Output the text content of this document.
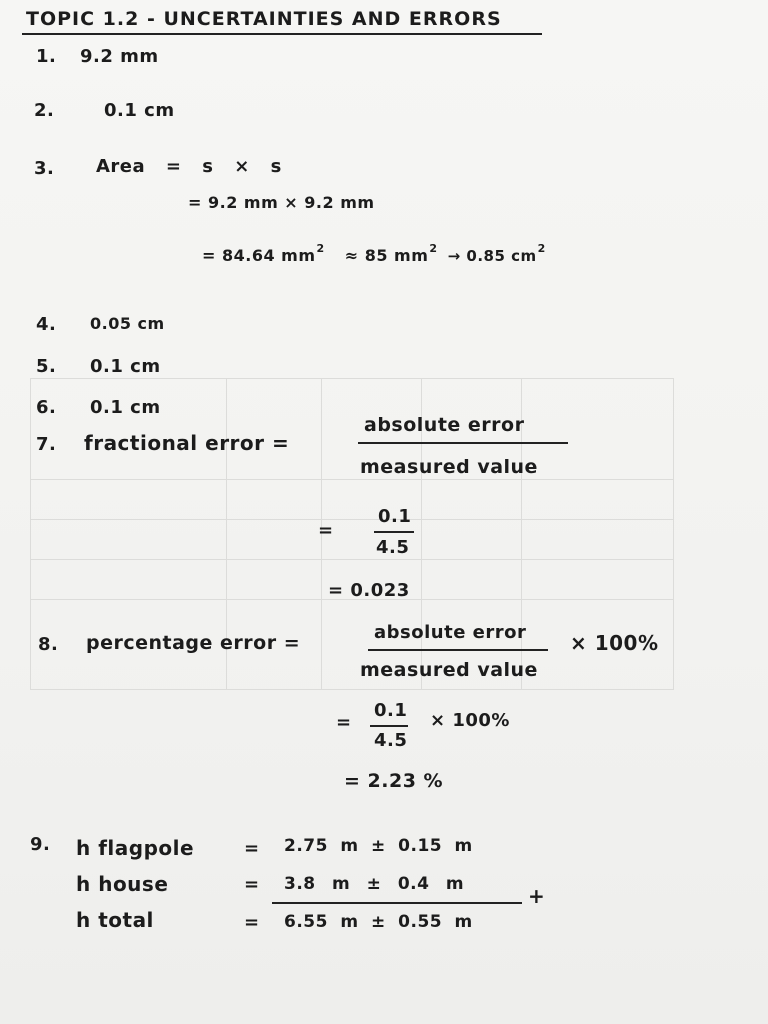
TOPIC 1.2 - UNCERTAINTIES AND ERRORS
1. 9.2 mm
2.	0.1 cm
3. Area = s × s
= 9.2 mm × 9.2 mm
= 84.64 $mm^2 \approx 85$ $mm^2 \to 0.85$ $cm^2$
4. 0.05 cm
5. 0.1 cm
6. 0.1 cm
7. fractional error =
absolute error
measured value
=
0.1
4.5
= 0.023
8. percentage error =	absolute error
measured value
× 100%
=
0.1
4.5
× 100%
= 2.23 %
9. h flagpole	= 2.75 m ± 0.15 m
h house	= 3.8 m ± 0.4 m	+
h total	= 6.55 m ± 0.55 m
